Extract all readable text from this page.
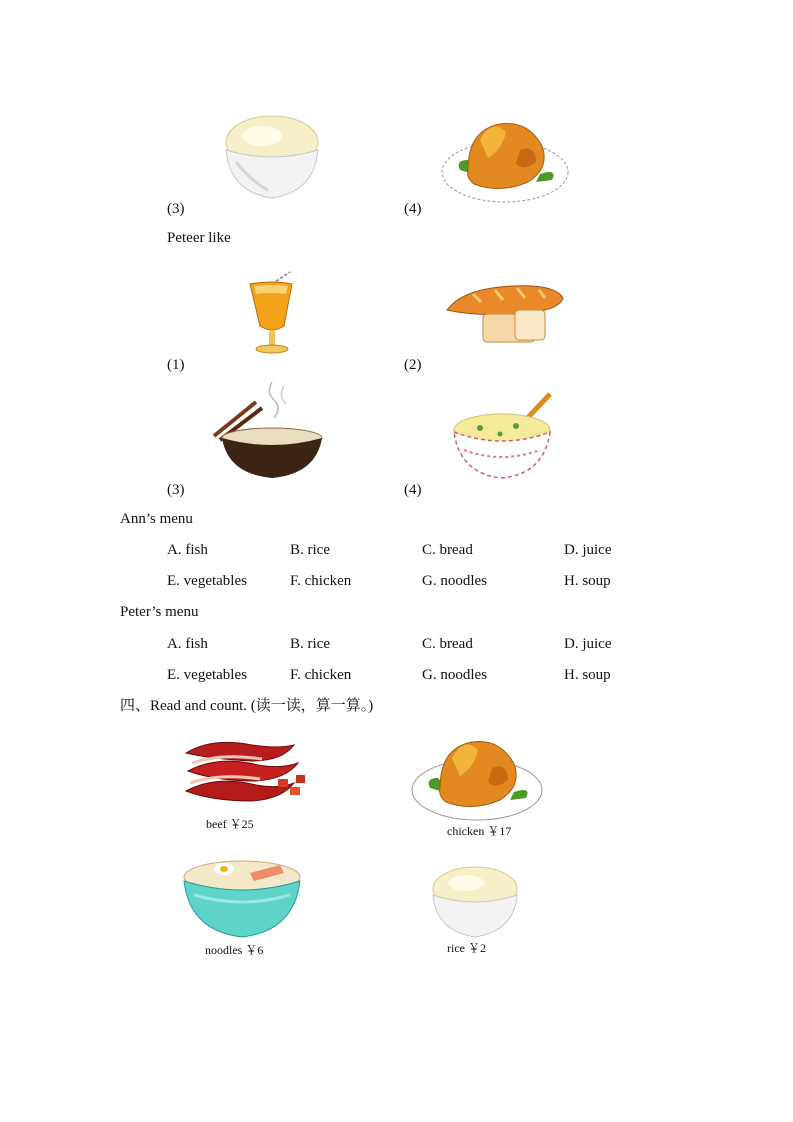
(3)	(4)
Peteer like
(1)	(2)
(3)	(4)
Ann’s menu
A. fish	B. rice	C. bread	D. juice
E. vegetables	F. chicken	G. noodles	H. soup
Peter’s menu
A. fish	B. rice	C. bread	D. juice
E. vegetables	F. chicken	G. noodles	H. soup
四、Read and count. (读一读，算一算。)
beef ￥25	chicken ￥17
noodles ￥6	rice ￥2
